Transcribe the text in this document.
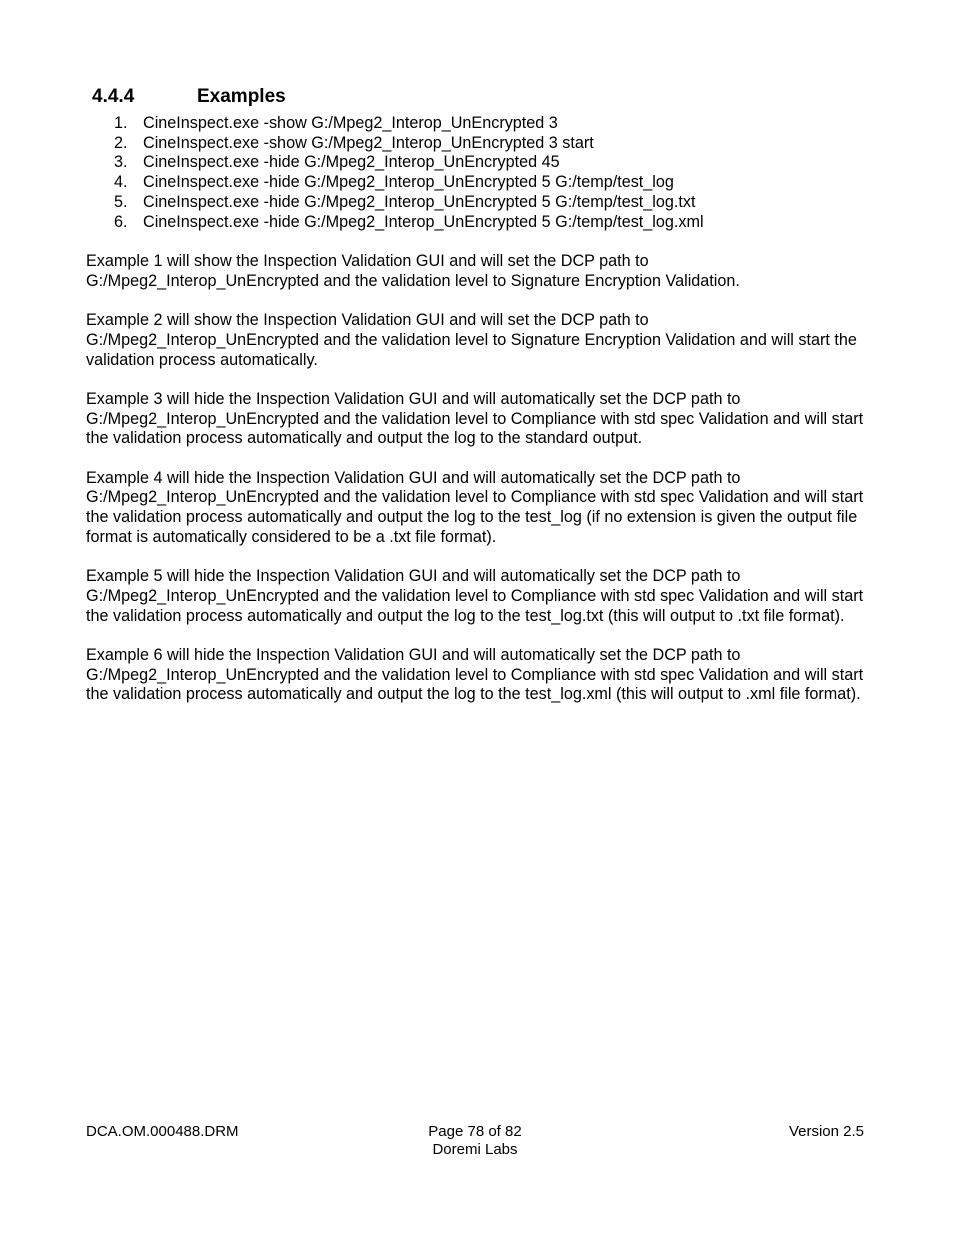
4.4.4	Examples
1. CineInspect.exe -show G:/Mpeg2_Interop_UnEncrypted 3
2. CineInspect.exe -show G:/Mpeg2_Interop_UnEncrypted 3 start
3. CineInspect.exe -hide G:/Mpeg2_Interop_UnEncrypted 45
4. CineInspect.exe -hide G:/Mpeg2_Interop_UnEncrypted 5 G:/temp/test_log
5. CineInspect.exe -hide G:/Mpeg2_Interop_UnEncrypted 5 G:/temp/test_log.txt
6. CineInspect.exe -hide G:/Mpeg2_Interop_UnEncrypted 5 G:/temp/test_log.xml

Example 1 will show the Inspection Validation GUI and will set the DCP path to G:/Mpeg2_Interop_UnEncrypted and the validation level to Signature Encryption Validation.

Example 2 will show the Inspection Validation GUI and will set the DCP path to G:/Mpeg2_Interop_UnEncrypted and the validation level to Signature Encryption Validation and will start the validation process automatically.

Example 3 will hide the Inspection Validation GUI and will automatically set the DCP path to G:/Mpeg2_Interop_UnEncrypted and the validation level to Compliance with std spec Validation and will start the validation process automatically and output the log to the standard output.

Example 4 will hide the Inspection Validation GUI and will automatically set the DCP path to G:/Mpeg2_Interop_UnEncrypted and the validation level to Compliance with std spec Validation and will start the validation process automatically and output the log to the test_log (if no extension is given the output file format is automatically considered to be a .txt file format).

Example 5 will hide the Inspection Validation GUI and will automatically set the DCP path to G:/Mpeg2_Interop_UnEncrypted and the validation level to Compliance with std spec Validation and will start the validation process automatically and output the log to the test_log.txt (this will output to .txt file format).

Example 6 will hide the Inspection Validation GUI and will automatically set the DCP path to G:/Mpeg2_Interop_UnEncrypted and the validation level to Compliance with std spec Validation and will start the validation process automatically and output the log to the test_log.xml (this will output to .xml file format).

DCA.OM.000488.DRM	Page 78 of 82
Doremi Labs
Version 2.5
